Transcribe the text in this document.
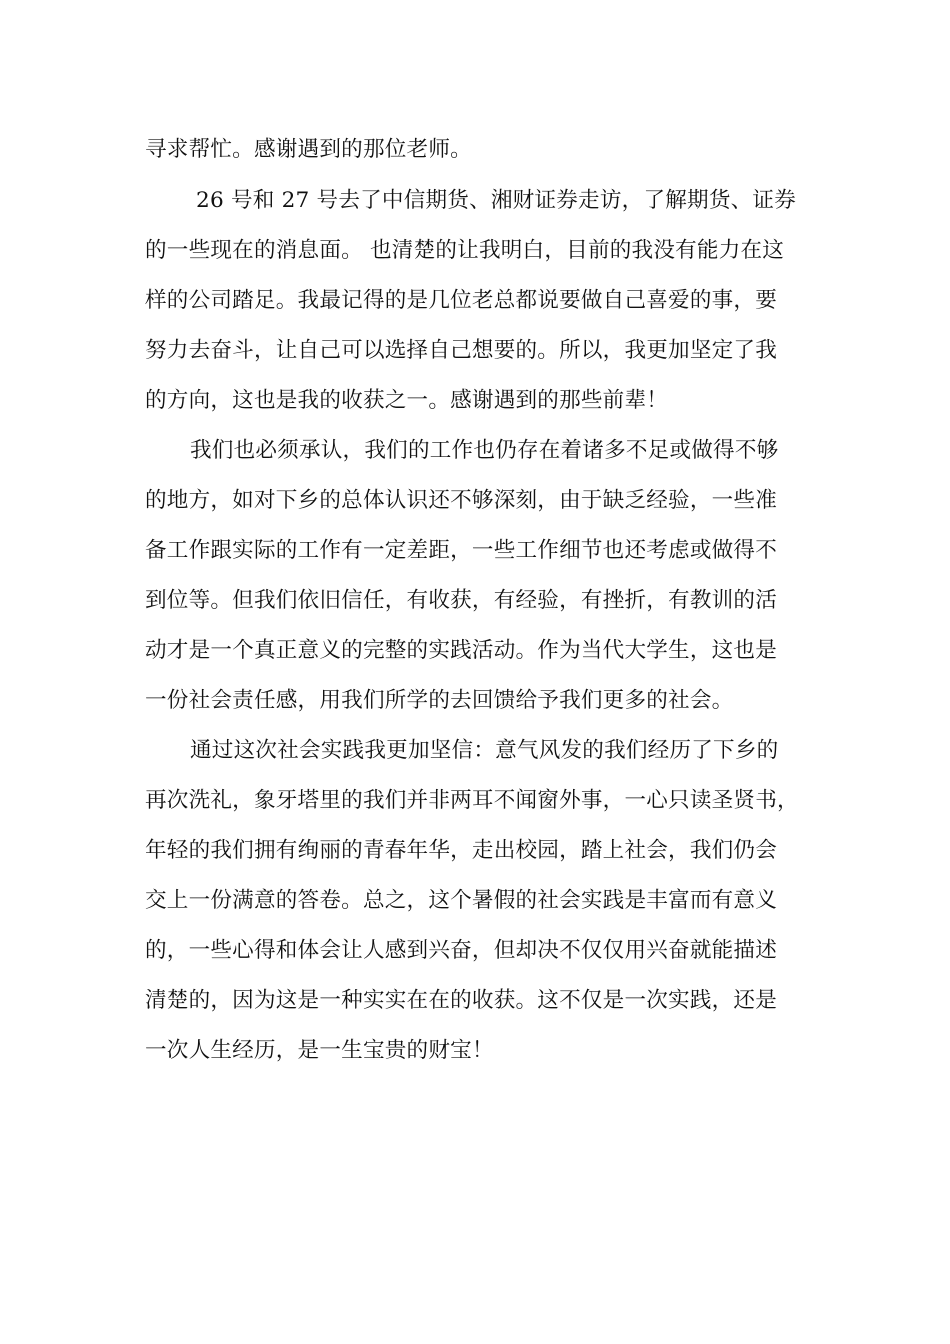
寻求帮忙。感谢遇到的那位老师。
26 号和 27 号去了中信期货、湘财证券走访，了解期货、证券
的一些现在的消息面。 也清楚的让我明白，目前的我没有能力在这
样的公司踏足。我最记得的是几位老总都说要做自己喜爱的事，要
努力去奋斗，让自己可以选择自己想要的。所以，我更加坚定了我
的方向，这也是我的收获之一。感谢遇到的那些前辈！
我们也必须承认，我们的工作也仍存在着诸多不足或做得不够
的地方，如对下乡的总体认识还不够深刻，由于缺乏经验，一些准
备工作跟实际的工作有一定差距，一些工作细节也还考虑或做得不
到位等。但我们依旧信任，有收获，有经验，有挫折，有教训的活
动才是一个真正意义的完整的实践活动。作为当代大学生，这也是
一份社会责任感，用我们所学的去回馈给予我们更多的社会。
通过这次社会实践我更加坚信：意气风发的我们经历了下乡的
再次洗礼，象牙塔里的我们并非两耳不闻窗外事，一心只读圣贤书，
年轻的我们拥有绚丽的青春年华，走出校园，踏上社会，我们仍会
交上一份满意的答卷。总之，这个暑假的社会实践是丰富而有意义
的，一些心得和体会让人感到兴奋，但却决不仅仅用兴奋就能描述
清楚的，因为这是一种实实在在的收获。这不仅是一次实践，还是
一次人生经历，是一生宝贵的财宝！
